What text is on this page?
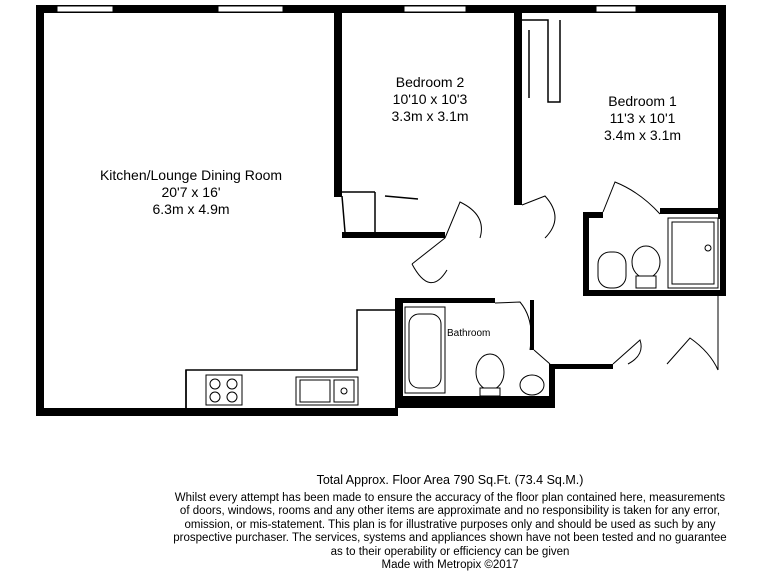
Kitchen/Lounge Dining Room
20'7 x 16'
6.3m x 4.9m
Bedroom 2
10'10 x 10'3
3.3m x 3.1m
Bedroom 1
11'3 x 10'1
3.4m x 3.1m
Bathroom
Total Approx. Floor Area 790 Sq.Ft. (73.4 Sq.M.)
Whilst every attempt has been made to ensure the accuracy of the floor plan contained here, measurements
of doors, windows, rooms and any other items are approximate and no responsibility is taken for any error,
omission, or mis-statement. This plan is for illustrative purposes only and should be used as such by any
prospective purchaser. The services, systems and appliances shown have not been tested and no guarantee
as to their operability or efficiency can be given
Made with Metropix ©2017
